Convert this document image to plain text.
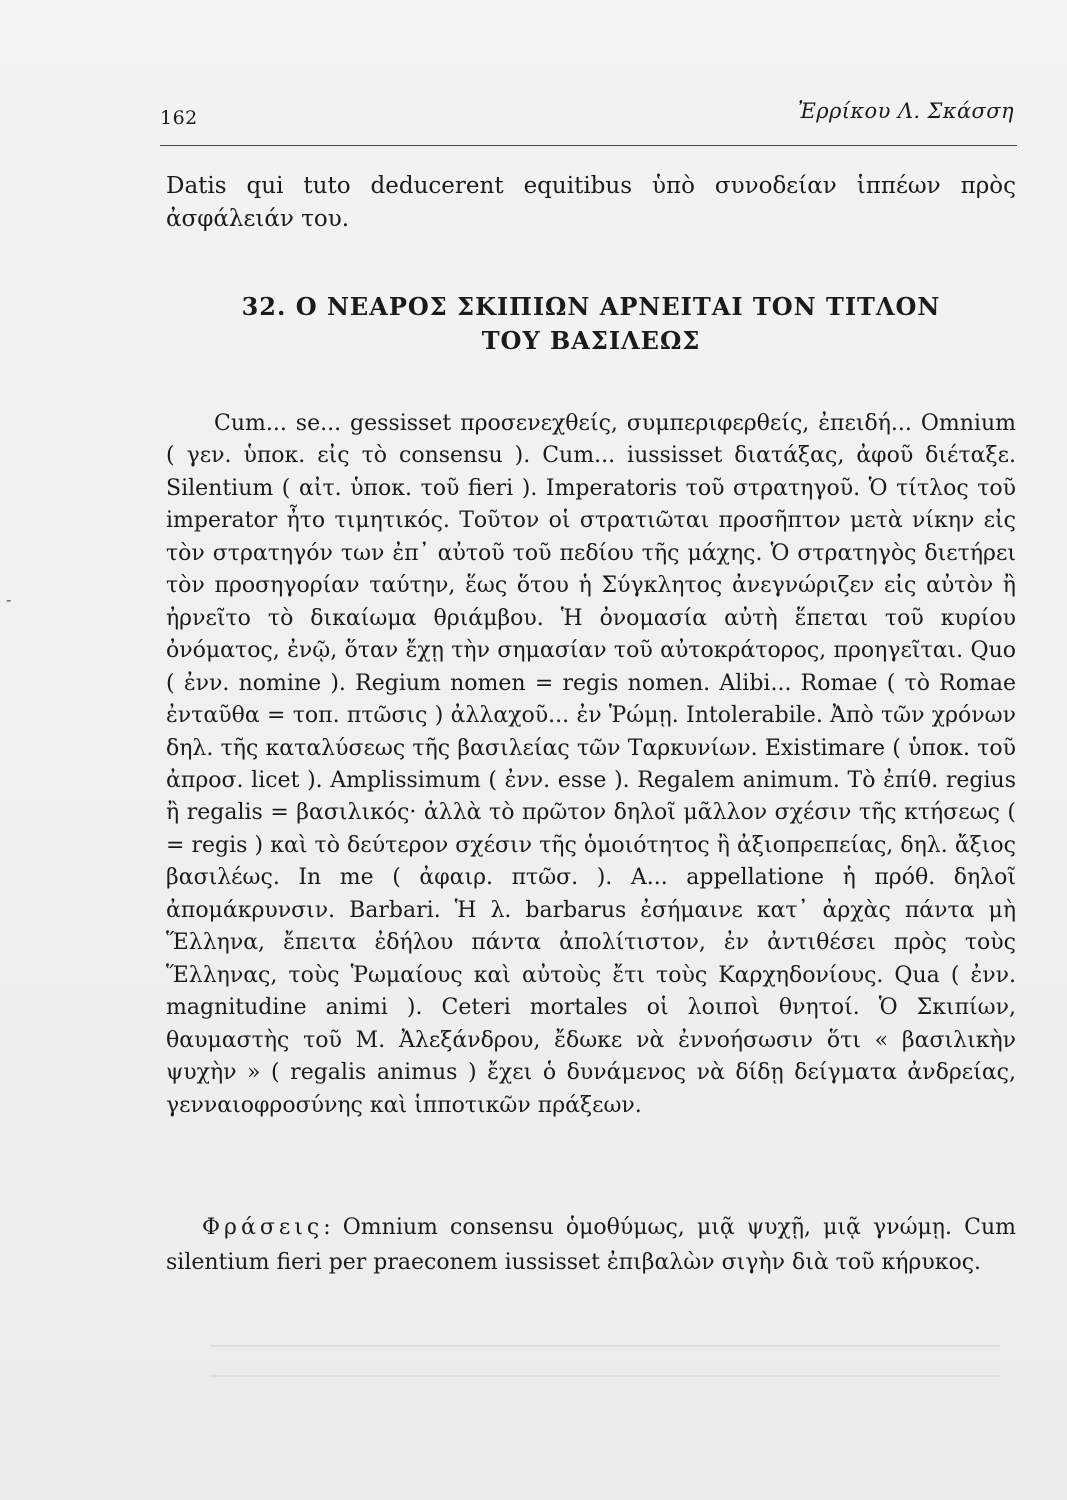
162	Ἐρρίκου Λ. Σκάσση

Datis qui tuto deducerent equitibus ὑπὸ συνοδείαν ἱππέων πρὸς ἀσφάλειάν του.

32. Ο ΝΕΑΡΟΣ ΣΚΙΠΙΩΝ ΑΡΝΕΙΤΑΙ ΤΟΝ ΤΙΤΛΟΝ
ΤΟΥ ΒΑΣΙΛΕΩΣ

Cum... se... gessisset προσενεχθείς, συμπεριφερθείς, ἐπειδή... Omnium ( γεν. ὑποκ. εἰς τὸ consensu ). Cum... iussisset διατάξας, ἀφοῦ διέταξε. Silentium ( αἰτ. ὑποκ. τοῦ fieri ). Imperatoris τοῦ στρατηγοῦ. Ὁ τίτλος τοῦ imperator ἦτο τιμητικός. Τοῦτον οἱ στρατιῶται προσῆπτον μετὰ νίκην εἰς τὸν στρατηγόν των ἐπ᾽ αὐτοῦ τοῦ πεδίου τῆς μάχης. Ὁ στρατηγὸς διετήρει τὸν προσηγορίαν ταύτην, ἕως ὅτου ἡ Σύγκλητος ἀνεγνώριζεν εἰς αὐτὸν ἢ ἠρνεῖτο τὸ δικαίωμα θριάμβου. Ἡ ὀνομασία αὐτὴ ἕπεται τοῦ κυρίου ὀνόματος, ἐνῷ, ὅταν ἔχῃ τὴν σημασίαν τοῦ αὐτοκράτορος, προηγεῖται. Quo ( ἐνν. nomine ). Regium nomen = regis nomen. Alibi... Romae ( τὸ Romae ἐνταῦθα = τοπ. πτῶσις ) ἀλλαχοῦ... ἐν Ῥώμῃ. Intolerabile. Ἀπὸ τῶν χρόνων δηλ. τῆς καταλύσεως τῆς βασιλείας τῶν Ταρκυνίων. Existimare ( ὑποκ. τοῦ ἀπροσ. licet ). Amplissimum ( ἐνν. esse ). Regalem animum. Τὸ ἐπίθ. regius ἢ regalis = βασιλικός· ἀλλὰ τὸ πρῶτον δηλοῖ μᾶλλον σχέσιν τῆς κτήσεως ( = regis ) καὶ τὸ δεύτερον σχέσιν τῆς ὁμοιότητος ἢ ἀξιοπρεπείας, δηλ. ἄξιος βασιλέως. In me ( ἀφαιρ. πτῶσ. ). A... appellatione ἡ πρόθ. δηλοῖ ἀπομάκρυνσιν. Barbari. Ἡ λ. barbarus ἐσήμαινε κατ᾽ ἀρχὰς πάντα μὴ Ἕλληνα, ἔπειτα ἐδήλου πάντα ἀπολίτιστον, ἐν ἀντιθέσει πρὸς τοὺς Ἕλληνας, τοὺς Ῥωμαίους καὶ αὐτοὺς ἔτι τοὺς Καρχηδονίους. Qua ( ἐνν. magnitudine animi ). Ceteri mortales οἱ λοιποὶ θνητοί. Ὁ Σκιπίων, θαυμαστὴς τοῦ Μ. Ἀλεξάνδρου, ἔδωκε νὰ ἐννοήσωσιν ὅτι « βασιλικὴν ψυχὴν » ( regalis animus ) ἔχει ὁ δυνάμενος νὰ δίδῃ δείγματα ἀνδρείας, γενναιοφροσύνης καὶ ἱπποτικῶν πράξεων.

Φράσεις: Omnium consensu ὁμοθύμως, μιᾷ ψυχῇ, μιᾷ γνώμῃ. Cum silentium fieri per praeconem iussisset ἐπιβαλὼν σιγὴν διὰ τοῦ κήρυκος.

-
